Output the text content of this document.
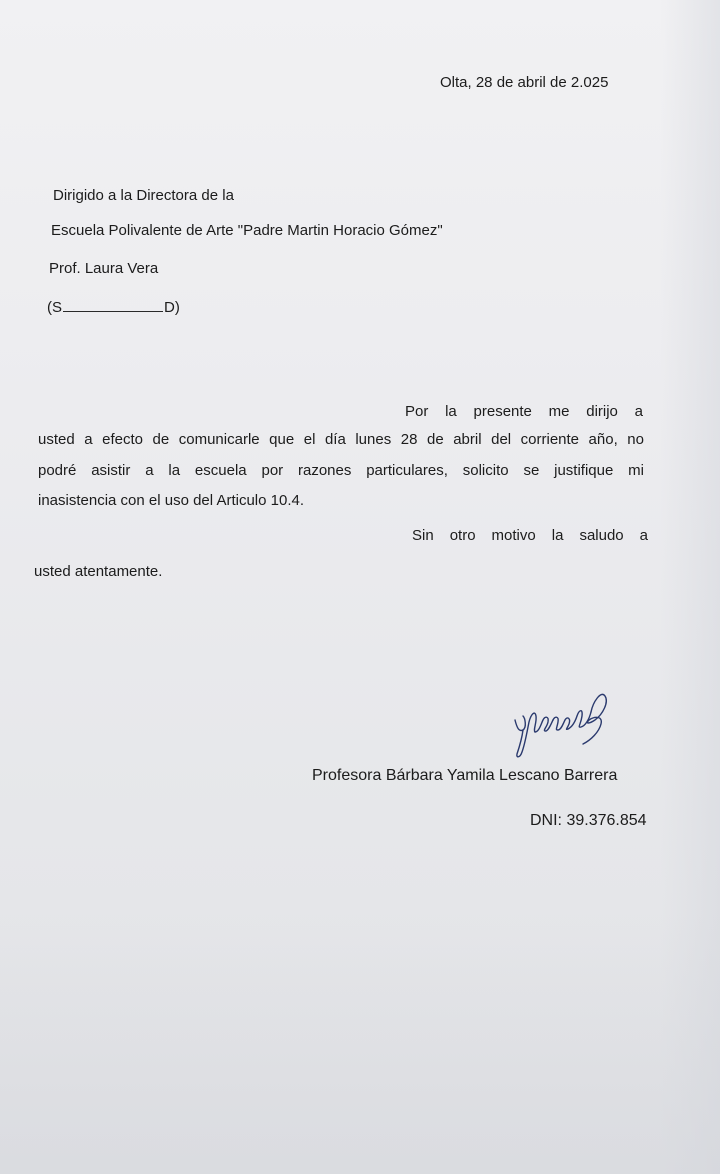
Olta, 28 de abril de 2.025
Dirigido a la Directora de la
Escuela Polivalente de Arte "Padre Martin Horacio Gómez"
Prof. Laura Vera
(S	D)
Por la presente me dirijo a
usted a efecto de comunicarle que el día lunes 28 de abril del corriente año, no
podré asistir a la escuela por razones particulares, solicito se justifique mi
inasistencia con el uso del Articulo 10.4.
Sin otro motivo la saludo a
usted atentamente.
Profesora Bárbara Yamila Lescano Barrera
DNI: 39.376.854
